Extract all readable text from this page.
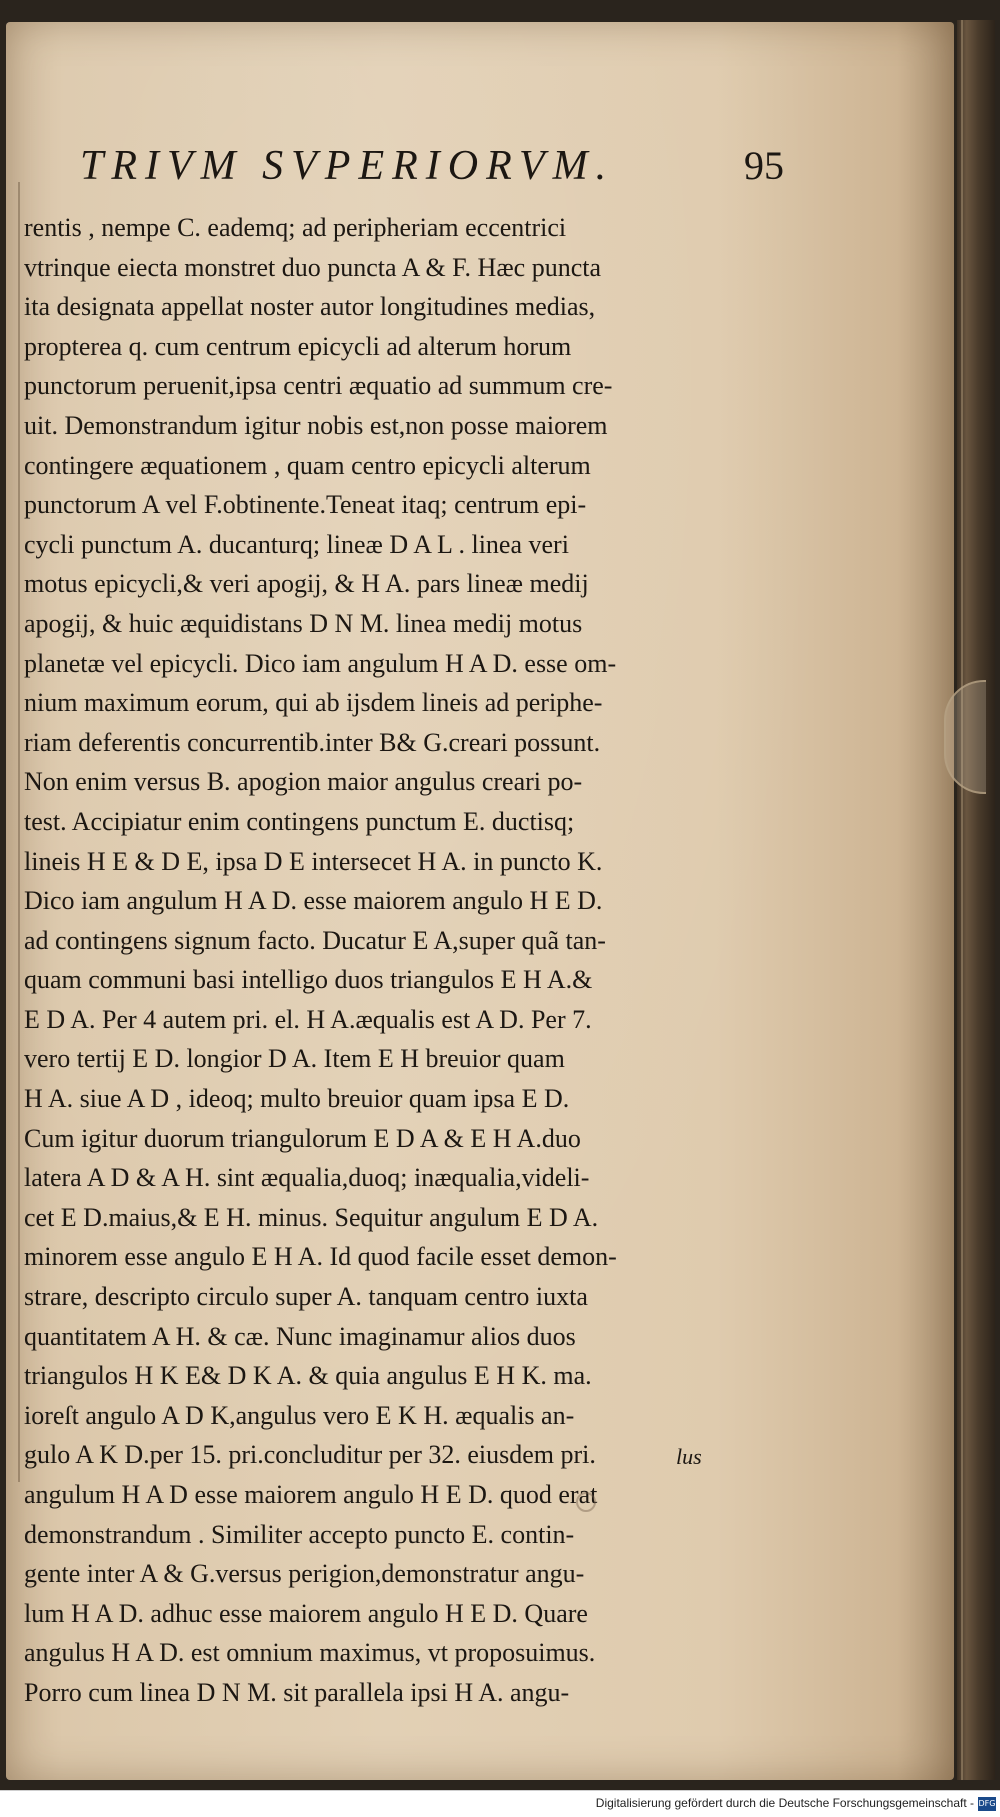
TRIVM SVPERIORVM.	95
rentis , nempe C. eademq; ad peripheriam eccentrici
vtrinque eiecta monstret duo puncta A & F. Hæc puncta
ita designata appellat noster autor longitudines medias,
propterea q. cum centrum epicycli ad alterum horum
punctorum peruenit,ipsa centri æquatio ad summum cre-
uit. Demonstrandum igitur nobis est,non posse maiorem
contingere æquationem , quam centro epicycli alterum
punctorum A vel F.obtinente.Teneat itaq; centrum epi-
cycli punctum A. ducanturq; lineæ D A L . linea veri
motus epicycli,& veri apogij, & H A. pars lineæ medij
apogij, & huic æquidistans D N M. linea medij motus
planetæ vel epicycli. Dico iam angulum H A D. esse om-
nium maximum eorum, qui ab ijsdem lineis ad periphe-
riam deferentis concurrentib.inter B& G.creari possunt.
Non enim versus B. apogion maior angulus creari po-
test. Accipiatur enim contingens punctum E. ductisq;
lineis H E & D E, ipsa D E intersecet H A. in puncto K.
Dico iam angulum H A D. esse maiorem angulo H E D.
ad contingens signum facto. Ducatur E A,super quã tan-
quam communi basi intelligo duos triangulos E H A.&
E D A. Per 4 autem pri. el. H A.æqualis est A D. Per 7.
vero tertij E D. longior D A. Item E H breuior quam
H A. siue A D , ideoq; multo breuior quam ipsa E D.
Cum igitur duorum triangulorum E D A & E H A.duo
latera A D & A H. sint æqualia,duoq; inæqualia,videli-
cet E D.maius,& E H. minus. Sequitur angulum E D A.
minorem esse angulo E H A. Id quod facile esset demon-
strare, descripto circulo super A. tanquam centro iuxta
quantitatem A H. & cæ. Nunc imaginamur alios duos
triangulos H K E& D K A. & quia angulus E H K. ma.
ioreſt angulo A D K,angulus vero E K H. æqualis an-
gulo A K D.per 15. pri.concluditur per 32. eiusdem pri.
angulum H A D esse maiorem angulo H E D. quod erat
demonstrandum . Similiter accepto puncto E. contin-
gente inter A & G.versus perigion,demonstratur angu-
lum H A D. adhuc esse maiorem angulo H E D. Quare
angulus H A D. est omnium maximus, vt proposuimus.
Porro cum linea D N M. sit parallela ipsi H A. angu-
lus
Digitalisierung gefördert durch die Deutsche Forschungsgemeinschaft - DFG
